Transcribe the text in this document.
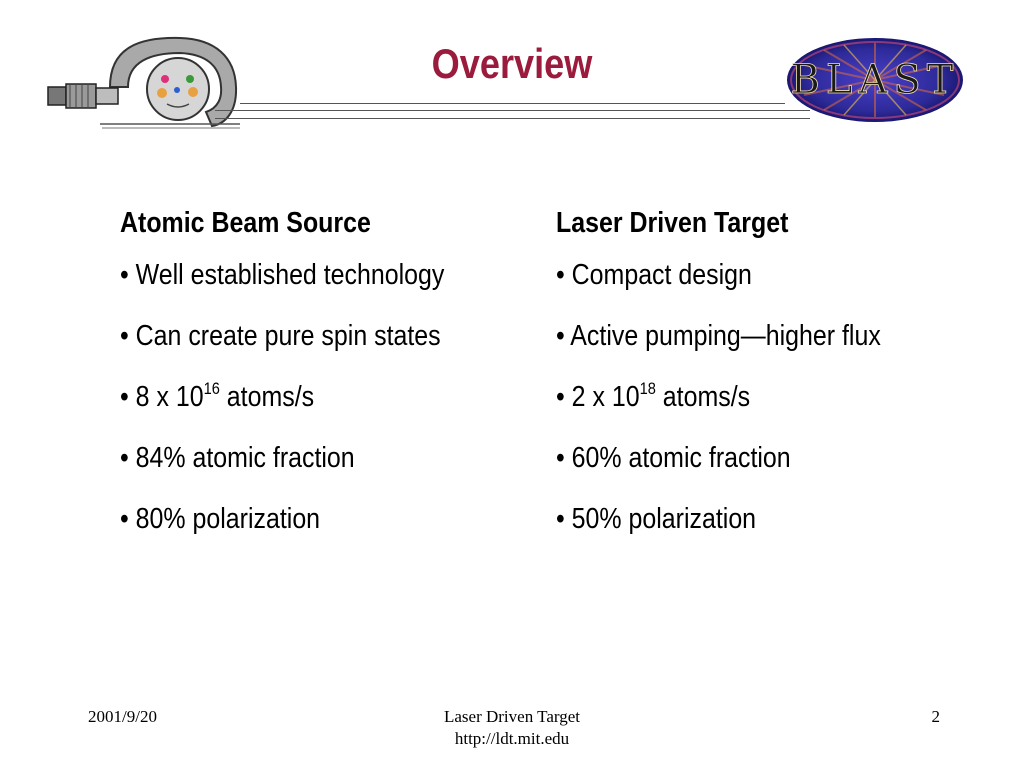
BLAST
Overview
Atomic Beam Source
• Well established technology
• Can create pure spin states
• 8 x $10^{16}$ atoms/s
• 84% atomic fraction
• 80% polarization
Laser Driven Target
• Compact design
• Active pumping—higher flux
• 2 x $10^{18}$ atoms/s
• 60% atomic fraction
• 50% polarization
2001/9/20	Laser Driven Target
http://ldt.mit.edu
2
